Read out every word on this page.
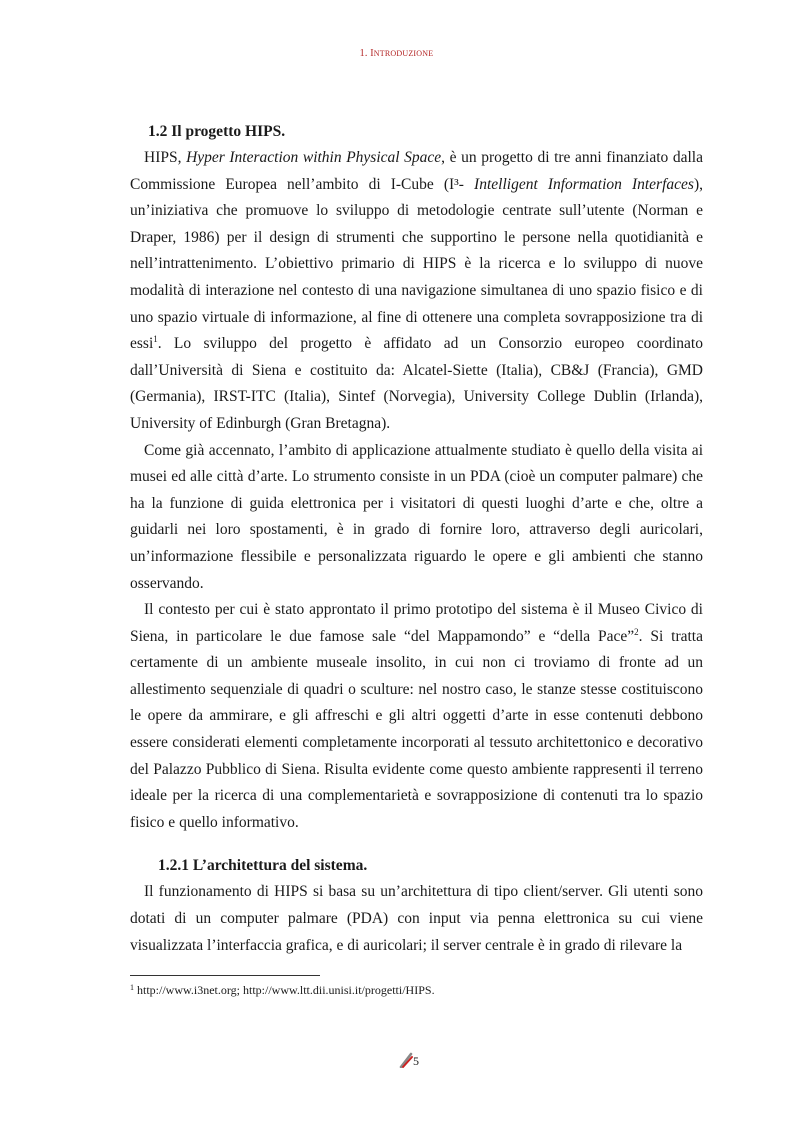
1. INTRODUZIONE
1.2 Il progetto HIPS.

HIPS, Hyper Interaction within Physical Space, è un progetto di tre anni finanziato dalla Commissione Europea nell’ambito di I-Cube (I³- Intelligent Information Interfaces), un’iniziativa che promuove lo sviluppo di metodologie centrate sull’utente (Norman e Draper, 1986) per il design di strumenti che supportino le persone nella quotidianità e nell’intrattenimento. L’obiettivo primario di HIPS è la ricerca e lo sviluppo di nuove modalità di interazione nel contesto di una navigazione simultanea di uno spazio fisico e di uno spazio virtuale di informazione, al fine di ottenere una completa sovrapposizione tra di essi$^1$. Lo sviluppo del progetto è affidato ad un Consorzio europeo coordinato dall’Università di Siena e costituito da: Alcatel-Siette (Italia), CB&J (Francia), GMD (Germania), IRST-ITC (Italia), Sintef (Norvegia), University College Dublin (Irlanda), University of Edinburgh (Gran Bretagna).

Come già accennato, l’ambito di applicazione attualmente studiato è quello della visita ai musei ed alle città d’arte. Lo strumento consiste in un PDA (cioè un computer palmare) che ha la funzione di guida elettronica per i visitatori di questi luoghi d’arte e che, oltre a guidarli nei loro spostamenti, è in grado di fornire loro, attraverso degli auricolari, un’informazione flessibile e personalizzata riguardo le opere e gli ambienti che stanno osservando.

Il contesto per cui è stato approntato il primo prototipo del sistema è il Museo Civico di Siena, in particolare le due famose sale “del Mappamondo” e “della Pace”$^2$. Si tratta certamente di un ambiente museale insolito, in cui non ci troviamo di fronte ad un allestimento sequenziale di quadri o sculture: nel nostro caso, le stanze stesse costituiscono le opere da ammirare, e gli affreschi e gli altri oggetti d’arte in esse contenuti debbono essere considerati elementi completamente incorporati al tessuto architettonico e decorativo del Palazzo Pubblico di Siena. Risulta evidente come questo ambiente rappresenti il terreno ideale per la ricerca di una complementarietà e sovrapposizione di contenuti tra lo spazio fisico e quello informativo.

1.2.1 L’architettura del sistema.

Il funzionamento di HIPS si basa su un’architettura di tipo client/server. Gli utenti sono dotati di un computer palmare (PDA) con input via penna elettronica su cui viene visualizzata l’interfaccia grafica, e di auricolari; il server centrale è in grado di rilevare la

$^1$ http://www.i3net.org; http://www.ltt.dii.unisi.it/progetti/HIPS.
5
